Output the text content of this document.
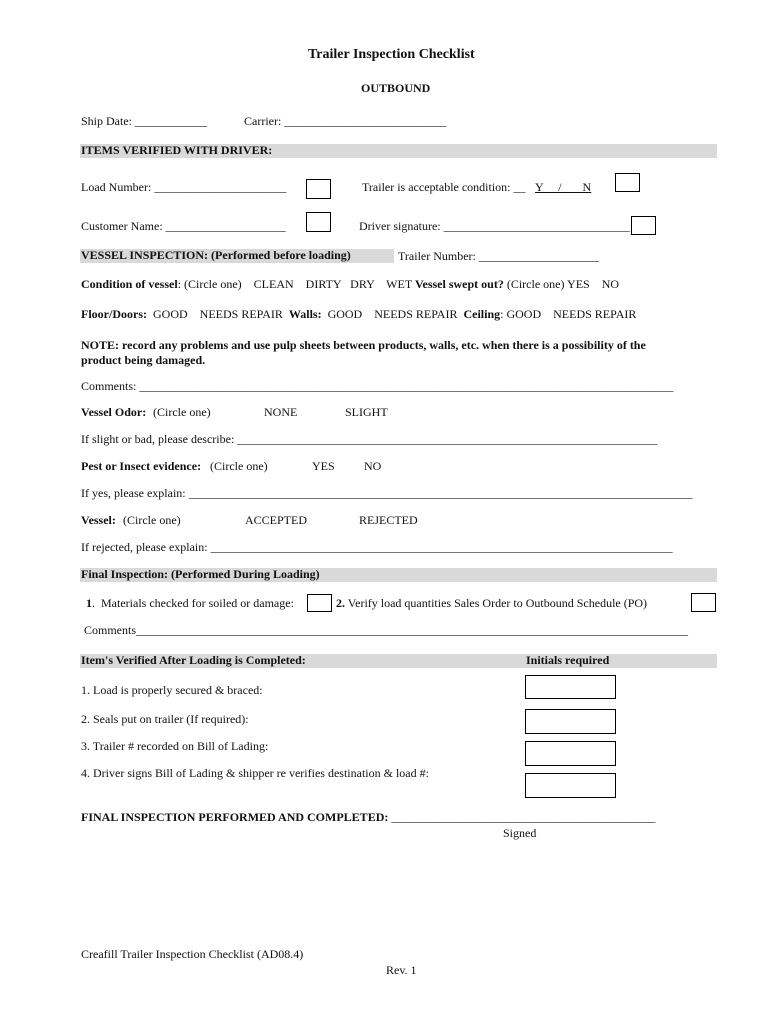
Trailer Inspection Checklist
OUTBOUND
Ship Date: ____________	Carrier: ___________________________
ITEMS VERIFIED WITH DRIVER:
Load Number: ______________________	Trailer is acceptable condition: __ Y     /       N
Customer Name: ____________________	Driver signature: _______________________________
VESSEL INSPECTION: (Performed before loading)	Trailer Number: ____________________
Condition of vessel: (Circle one)    CLEAN    DIRTY   DRY    WET Vessel swept out? (Circle one) YES    NO
Floor/Doors: GOOD    NEEDS REPAIR Walls: GOOD    NEEDS REPAIR Ceiling: GOOD    NEEDS REPAIR
NOTE: record any problems and use pulp sheets between products, walls, etc. when there is a possibility of the
product being damaged.
Comments: _________________________________________________________________________________________
Vessel Odor: (Circle one)	NONE	SLIGHT
If slight or bad, please describe: ______________________________________________________________________
Pest or Insect evidence: (Circle one)	YES NO
If yes, please explain: ____________________________________________________________________________________
Vessel: (Circle one)	ACCEPTED	REJECTED
If rejected, please explain: _____________________________________________________________________________
Final Inspection: (Performed During Loading)
1.  Materials checked for soiled or damage:	2. Verify load quantities Sales Order to Outbound Schedule (PO)
Comments____________________________________________________________________________________________
Item's Verified After Loading is Completed:	Initials required
1. Load is properly secured & braced:
2. Seals put on trailer (If required):
3. Trailer # recorded on Bill of Lading:
4. Driver signs Bill of Lading & shipper re verifies destination & load #:
FINAL INSPECTION PERFORMED AND COMPLETED: ____________________________________________
Signed
Creafill Trailer Inspection Checklist (AD08.4)
Rev. 1
